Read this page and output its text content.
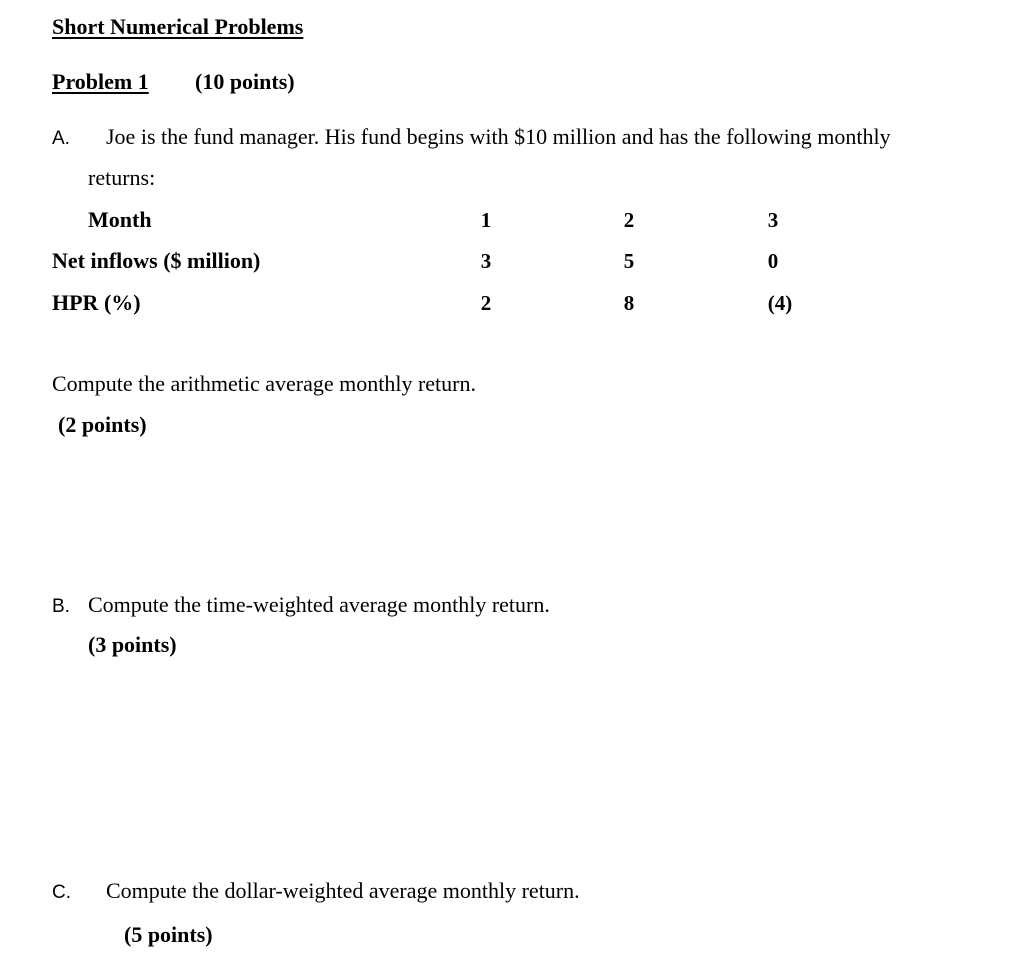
Short Numerical Problems
Problem 1 (10 points)
A. Joe is the fund manager. His fund begins with $10 million and has the following monthly
returns:
Month	1	2	3
Net inflows ($ million)	3	5	0
HPR (%)	2	8	(4)
Compute the arithmetic average monthly return.
(2 points)
B. Compute the time-weighted average monthly return.
(3 points)
C. Compute the dollar-weighted average monthly return.
(5 points)
